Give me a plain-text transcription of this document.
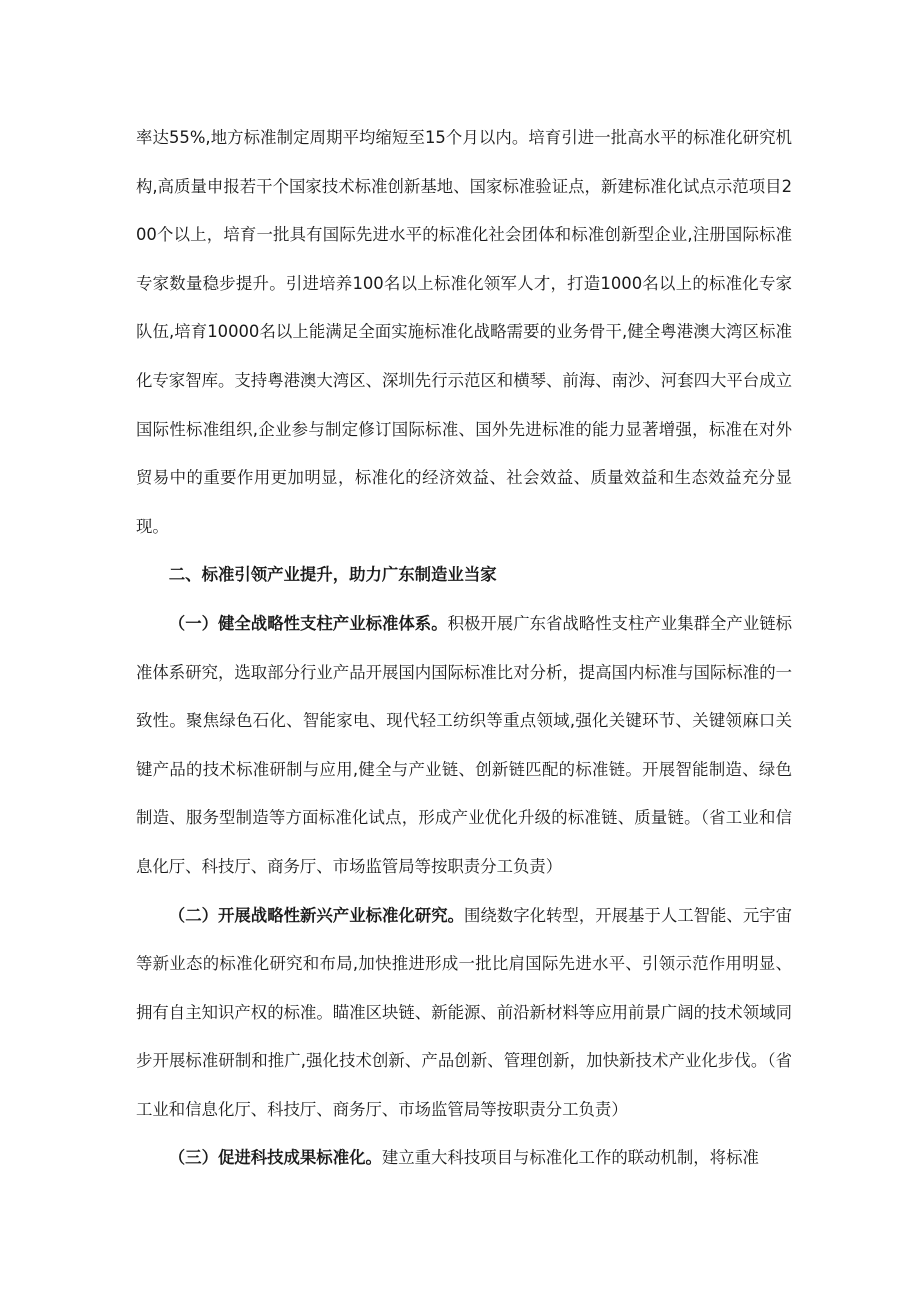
率达55%,地方标准制定周期平均缩短至15个月以内。培育引进一批高水平的标准化研究机构,高质量申报若干个国家技术标准创新基地、国家标准验证点，新建标准化试点示范项目200个以上，培育一批具有国际先进水平的标准化社会团体和标准创新型企业,注册国际标准专家数量稳步提升。引进培养100名以上标准化领军人才，打造1000名以上的标准化专家队伍,培育10000名以上能满足全面实施标准化战略需要的业务骨干,健全粤港澳大湾区标准化专家智库。支持粤港澳大湾区、深圳先行示范区和横琴、前海、南沙、河套四大平台成立国际性标准组织,企业参与制定修订国际标准、国外先进标准的能力显著增强，标准在对外贸易中的重要作用更加明显，标准化的经济效益、社会效益、质量效益和生态效益充分显现。

二、标准引领产业提升，助力广东制造业当家

（一）健全战略性支柱产业标准体系。积极开展广东省战略性支柱产业集群全产业链标准体系研究，选取部分行业产品开展国内国际标准比对分析，提高国内标准与国际标准的一致性。聚焦绿色石化、智能家电、现代轻工纺织等重点领域,强化关键环节、关键领麻口关键产品的技术标准研制与应用,健全与产业链、创新链匹配的标准链。开展智能制造、绿色制造、服务型制造等方面标准化试点，形成产业优化升级的标准链、质量链。（省工业和信息化厅、科技厅、商务厅、市场监管局等按职责分工负责）

（二）开展战略性新兴产业标准化研究。围绕数字化转型，开展基于人工智能、元宇宙等新业态的标准化研究和布局,加快推进形成一批比肩国际先进水平、引领示范作用明显、拥有自主知识产权的标准。瞄准区块链、新能源、前沿新材料等应用前景广阔的技术领域同步开展标准研制和推广,强化技术创新、产品创新、管理创新，加快新技术产业化步伐。（省工业和信息化厅、科技厅、商务厅、市场监管局等按职责分工负责）

（三）促进科技成果标准化。建立重大科技项目与标准化工作的联动机制，将标准
